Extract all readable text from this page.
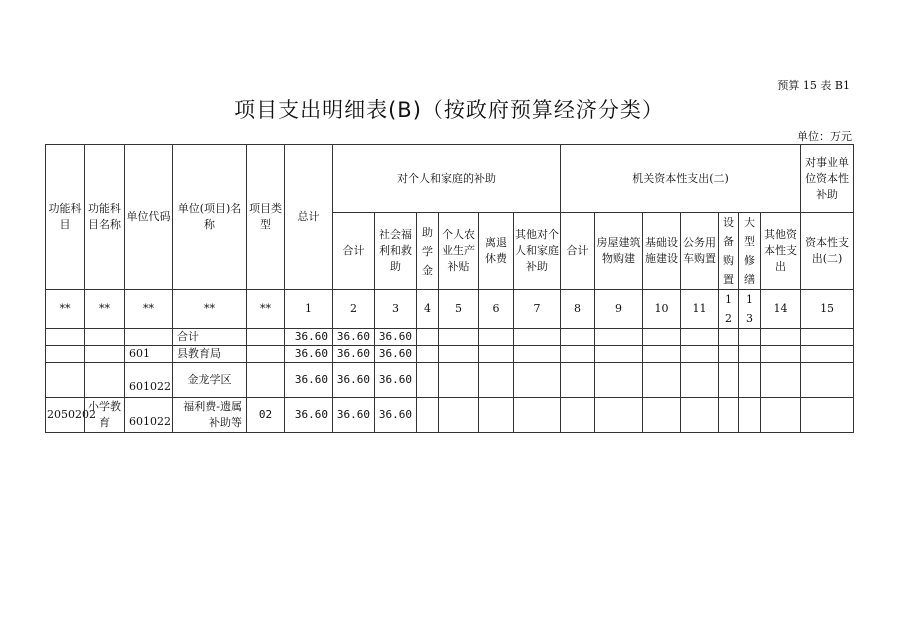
预算 15 表 B1
项目支出明细表(B)（按政府预算经济分类）
单位：万元
功能科目	功能科目名称	单位代码	单位(项目)名称	项目类型	总计	对个人和家庭的补助						机关资本性支出(二)							对事业单位资本性补助

						合计	社会福利和救助	助学金	个人农业生产补贴	离退休费	其他对个人和家庭补助	合计	房屋建筑物购建	基础设施建设	公务用车购置	设备购置	大型修缮	其他资本性支出	资本性支出(二)

**	**	**	**	**	1	2	3	4	5	6	7	8	9	10	11	12	13	14	15
			合计		36.60	36.60	36.60												
		601	县教育局		36.60	36.60	36.60												
		601022	金龙学区		36.60	36.60	36.60												
2050202	小学教育	601022	福利费-遗属补助等	02	36.60	36.60	36.60												
